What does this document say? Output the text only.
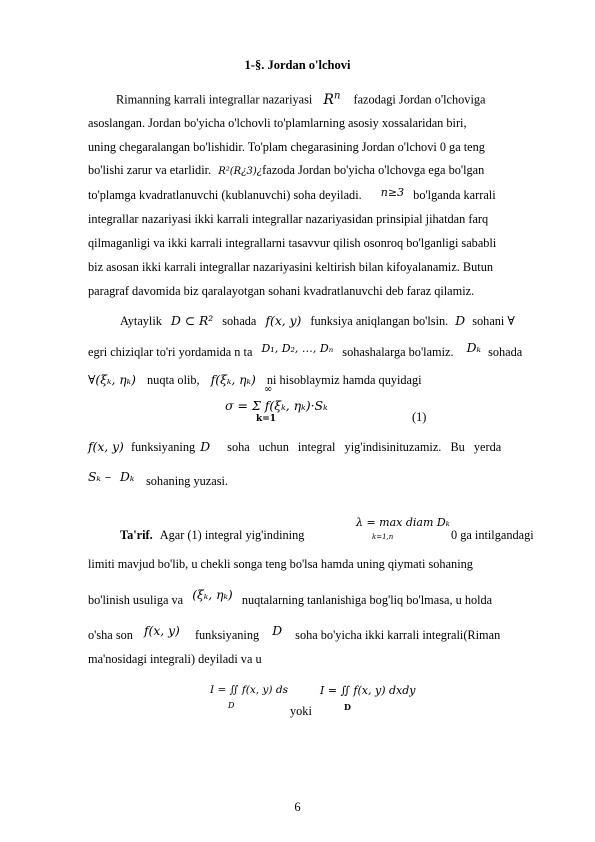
1-§. Jordan o'lchovi
Rimanning karrali integrallar nazariyasi $R^n$ fazodagi Jordan o'lchoviga
asoslangan. Jordan bo'yicha o'lchovli to'plamlarning asosiy xossalaridan biri,
uning chegaralangan bo'lishidir. To'plam chegarasining Jordan o'lchovi 0 ga teng
bo'lishi zarur va etarlidir. R²(R¿3)¿fazoda Jordan bo'yicha o'lchovga ega bo'lgan
to'plamga kvadratlanuvchi (kublanuvchi) soha deyiladi. n≥3 bo'lganda karrali
integrallar nazariyasi ikki karrali integrallar nazariyasidan prinsipial jihatdan farq
qilmaganligi va ikki karrali integrallarni tasavvur qilish osonroq bo'lganligi sababli
biz asosan ikki karrali integrallar nazariyasini keltirish bilan kifoyalanamiz. Butun
paragraf davomida biz qaralayotgan sohani kvadratlanuvchi deb faraz qilamiz.
Aytaylik D ⊂ R² sohada f(x, y) funksiya aniqlangan bo'lsin. D sohani ∀
egri chiziqlar to'ri yordamida n ta D₁, D₂, …, Dₙ sohashalarga bo'lamiz. Dₖ sohada
∀(ξₖ, ηₖ) nuqta olib, f(ξₖ, ηₖ) ni hisoblaymiz hamda quyidagi
σ = Σ f(ξₖ, ηₖ)·Sₖ
∞
k=1	(1)
f(x, y) funksiyaning D soha uchun integral yig'indisinituzamiz. Bu yerda
Sₖ – Dₖ sohaning yuzasi.
Ta'rif. Agar (1) integral yig'indining
λ = max diam Dₖ
k=1,n	0 ga intilgandagi
limiti mavjud bo'lib, u chekli songa teng bo'lsa hamda uning qiymati sohaning
bo'linish usuliga va (ξₖ, ηₖ) nuqtalarning tanlanishiga bog'liq bo'lmasa, u holda
o'sha son f(x, y) funksiyaning D soha bo'yicha ikki karrali integrali(Riman
ma'nosidagi integrali) deyiladi va u
I = ∬ f(x, y) ds
D	yoki
I = ∬ f(x, y) dxdy
D
6
